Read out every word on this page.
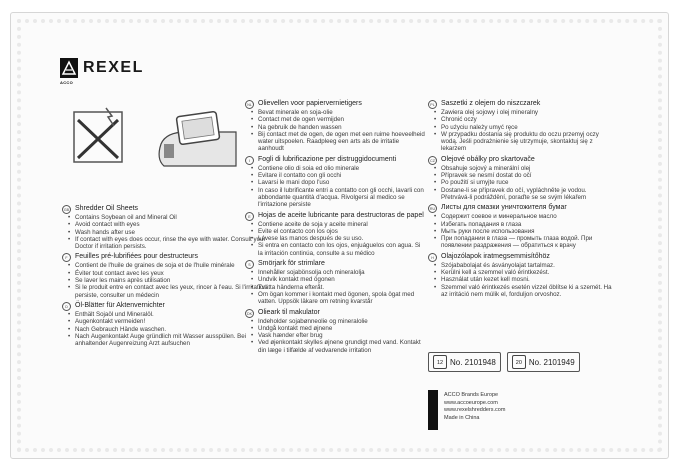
REXEL
ACCO
GB Shredder Oil Sheets
• Contains Soybean oil and Mineral Oil
• Avoid contact with eyes
• Wash hands after use
• If contact with eyes does occur, rinse the eye with water. Consult your Doctor if irritation persists.
F	Feuilles pré-lubrifiées pour destructeurs
• Contient de l'huile de graines de soja et de l'huile minérale
• Éviter tout contact avec les yeux
• Se laver les mains après utilisation
• Si le produit entre en contact avec les yeux, rincer à l'eau. Si l'irritation persiste, consulter un médecin
D	Öl-Blätter für Aktenvernichter
• Enthält Sojaöl und Mineralöl.
• Augenkontakt vermeiden!
• Nach Gebrauch Hände waschen.
• Nach Augenkontakt Auge gründlich mit Wasser ausspülen. Bei anhaltender Augenreizung Arzt aufsuchen
NL Olievellen voor papiervernietigers
• Bevat minerale en soja-olie
• Contact met de ogen vermijden
• Na gebruik de handen wassen
• Bij contact met de ogen, de ogen met een ruime hoeveelheid water uitspoelen. Raadpleeg een arts als de irritatie aanhoudt
I	Fogli di lubrificazione per distruggidocumenti
• Contiene olio di soia ed olio minerale
• Evitare il contatto con gli occhi
• Lavarsi le mani dopo l'uso
• In caso il lubrificante entri a contatto con gli occhi, lavarli con abbondante quantità d'acqua. Rivolgersi al medico se l'irritazione persiste
E	Hojas de aceite lubricante para destructoras de papel
• Contiene aceite de soja y aceite mineral
• Evite el contacto con los ojos
• Lávese las manos después de su uso.
• Si entra en contacto con los ojos, enjuáguelos con agua. Si la irritación continúa, consulte a su médico
S	Smörjark för strimlare
• Innehåller sojabönsolja och mineralolja
• Undvik kontakt med ögonen
• Tvätta händerna efteråt.
• Om ögan kommer i kontakt med ögonen, spola ögat med vatten. Uppsök läkare om retning kvarstår
DK Olieark til makulator
• Indeholder sojabønneolie og mineralolie
• Undgå kontakt med øjnene
• Vask hænder efter brug
• Ved øjenkontakt skylles øjnene grundigt med vand. Kontakt din læge i tilfælde af vedvarende irritation
PL Saszetki z olejem do niszczarek
• Zawiera olej sojowy i olej mineralny
• Chronić oczy
• Po użyciu należy umyć ręce
• W przypadku dostania się produktu do oczu przemyj oczy wodą. Jeśli podrażnienie się utrzymuje, skontaktuj się z lekarzem
CZ Olejové obálky pro skartovače
• Obsahuje sojový a minerální olej
• Přípravek se nesmí dostat do očí
• Po použití si umyjte ruce
• Dostane-li se přípravek do očí, vypláchněte je vodou. Přetrvává-li podráždění, poraďte se se svým lékařem
RU Листы для смазки уничтожителя бумаг
• Содержит соевое и минеральное масло
• Избегать попадания в глаза
• Мыть руки после использования
• При попадании в глаза — промыть глаза водой. При появлении раздражения — обратиться к врачу
H	Olajozólapok iratmegsemmisítőhöz
• Szójababolajat és ásványolajat tartalmaz.
• Kerülni kell a szemmel való érintkezést.
• Használat után kezet kell mosni.
• Szemmel való érintkezés esetén vizzel öblítse ki a szemét. Ha az irritáció nem múlik el, forduljon orvoshoz.
12 No. 2101948	20 No. 2101949
ACCO Brands Europe
www.accoeurope.com
www.rexelshredders.com
Made in China
